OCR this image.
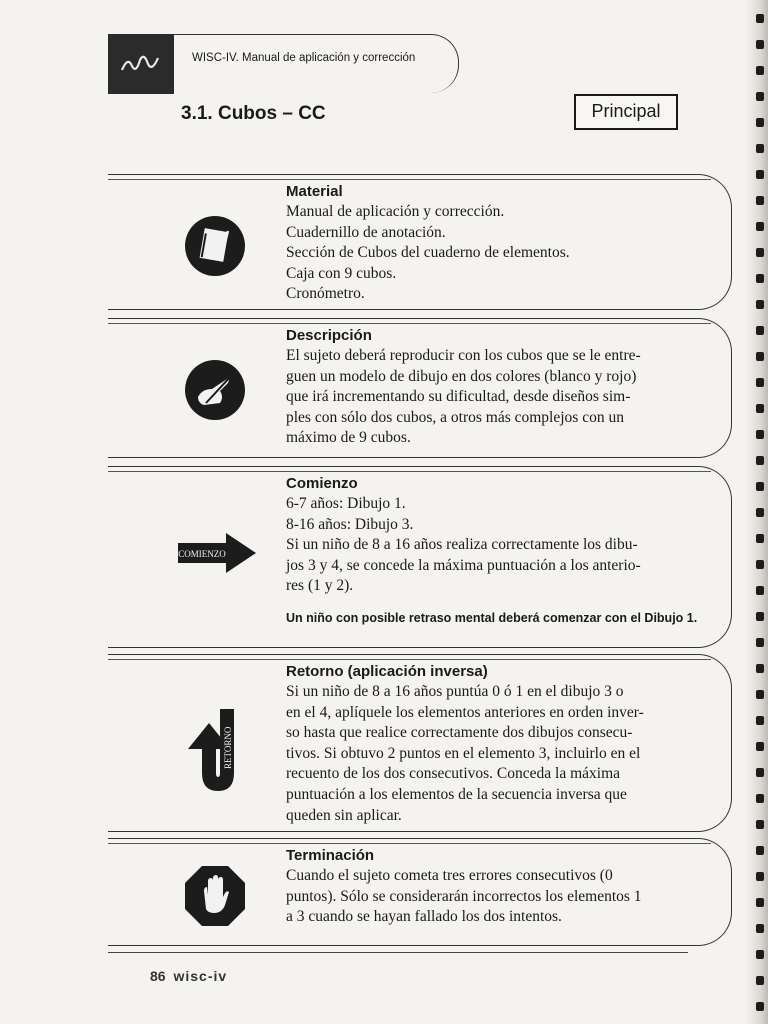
WISC-IV. Manual de aplicación y corrección
3.1. Cubos – CC	Principal
Material
Manual de aplicación y corrección.
Cuadernillo de anotación.
Sección de Cubos del cuaderno de elementos.
Caja con 9 cubos.
Cronómetro.
Descripción
El sujeto deberá reproducir con los cubos que se le entre-
guen un modelo de dibujo en dos colores (blanco y rojo)
que irá incrementando su dificultad, desde diseños sim-
ples con sólo dos cubos, a otros más complejos con un
máximo de 9 cubos.
COMIENZO
Comienzo
6-7 años: Dibujo 1.
8-16 años: Dibujo 3.
Si un niño de 8 a 16 años realiza correctamente los dibu-
jos 3 y 4, se concede la máxima puntuación a los anterio-
res (1 y 2).
Un niño con posible retraso mental deberá comenzar con el Dibujo 1.
RETORNO
Retorno (aplicación inversa)
Si un niño de 8 a 16 años puntúa 0 ó 1 en el dibujo 3 o
en el 4, aplíquele los elementos anteriores en orden inver-
so hasta que realice correctamente dos dibujos consecu-
tivos. Si obtuvo 2 puntos en el elemento 3, incluirlo en el
recuento de los dos consecutivos. Conceda la máxima
puntuación a los elementos de la secuencia inversa que
queden sin aplicar.
Terminación
Cuando el sujeto cometa tres errores consecutivos (0
puntos). Sólo se considerarán incorrectos los elementos 1
a 3 cuando se hayan fallado los dos intentos.
86 wisc-iv
